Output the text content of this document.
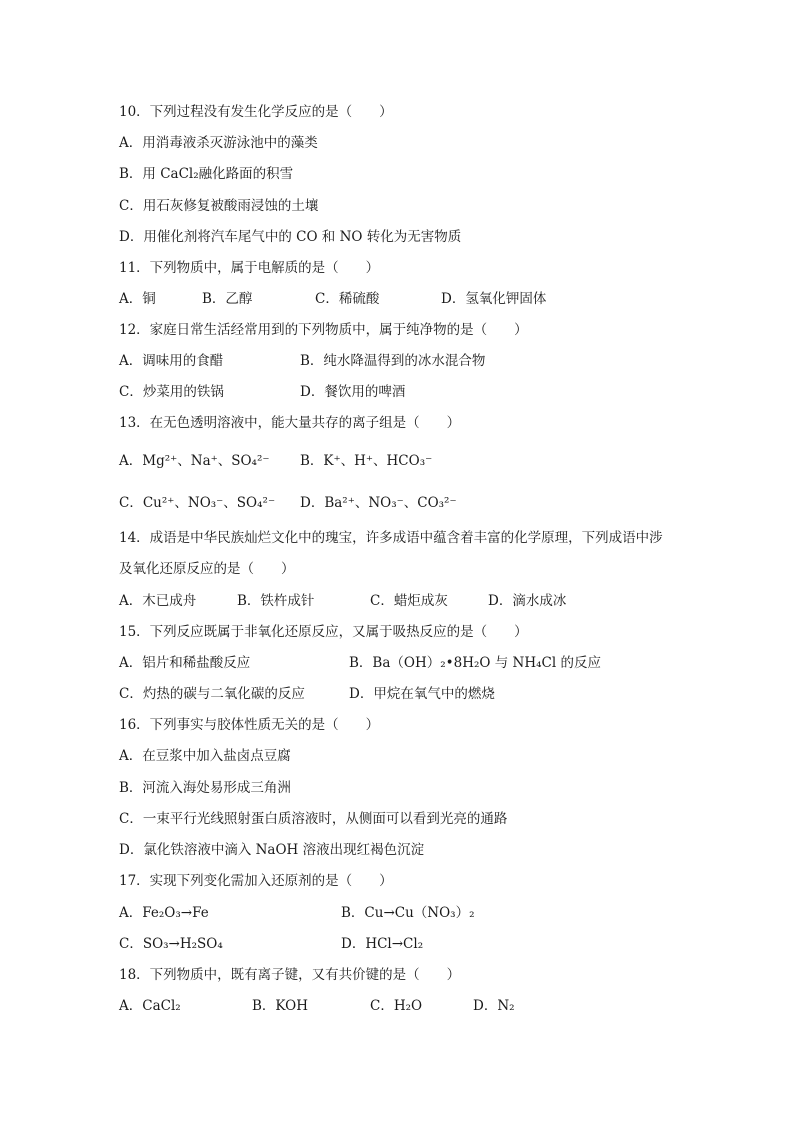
10．下列过程没有发生化学反应的是（　　）
A．用消毒液杀灭游泳池中的藻类
B．用 CaCl₂融化路面的积雪
C．用石灰修复被酸雨浸蚀的土壤
D．用催化剂将汽车尾气中的 CO 和 NO 转化为无害物质
11．下列物质中，属于电解质的是（　　）
A．铜	B．乙醇	C．稀硫酸	D．氢氧化钾固体
12．家庭日常生活经常用到的下列物质中，属于纯净物的是（　　）
A．调味用的食醋	B．纯水降温得到的冰水混合物
C．炒菜用的铁锅	D．餐饮用的啤酒
13．在无色透明溶液中，能大量共存的离子组是（　　）
A．Mg²⁺、Na⁺、SO₄²⁻ B．K⁺、H⁺、HCO₃⁻
C．Cu²⁺、NO₃⁻、SO₄²⁻ D．Ba²⁺、NO₃⁻、CO₃²⁻
14．成语是中华民族灿烂文化中的瑰宝，许多成语中蕴含着丰富的化学原理，下列成语中涉
及氧化还原反应的是（　　）
A．木已成舟	B．铁杵成针	C．蜡炬成灰	D．滴水成冰
15．下列反应既属于非氧化还原反应，又属于吸热反应的是（　　）
A．铝片和稀盐酸反应	B．Ba（OH）₂•8H₂O 与 NH₄Cl 的反应
C．灼热的碳与二氧化碳的反应	D．甲烷在氧气中的燃烧
16．下列事实与胶体性质无关的是（　　）
A．在豆浆中加入盐卤点豆腐
B．河流入海处易形成三角洲
C．一束平行光线照射蛋白质溶液时，从侧面可以看到光亮的通路
D．氯化铁溶液中滴入 NaOH 溶液出现红褐色沉淀
17．实现下列变化需加入还原剂的是（　　）
A．Fe₂O₃→Fe	B．Cu→Cu（NO₃）₂
C．SO₃→H₂SO₄	D．HCl→Cl₂
18．下列物质中，既有离子键，又有共价键的是（　　）
A．CaCl₂	B．KOH	C．H₂O	D．N₂
